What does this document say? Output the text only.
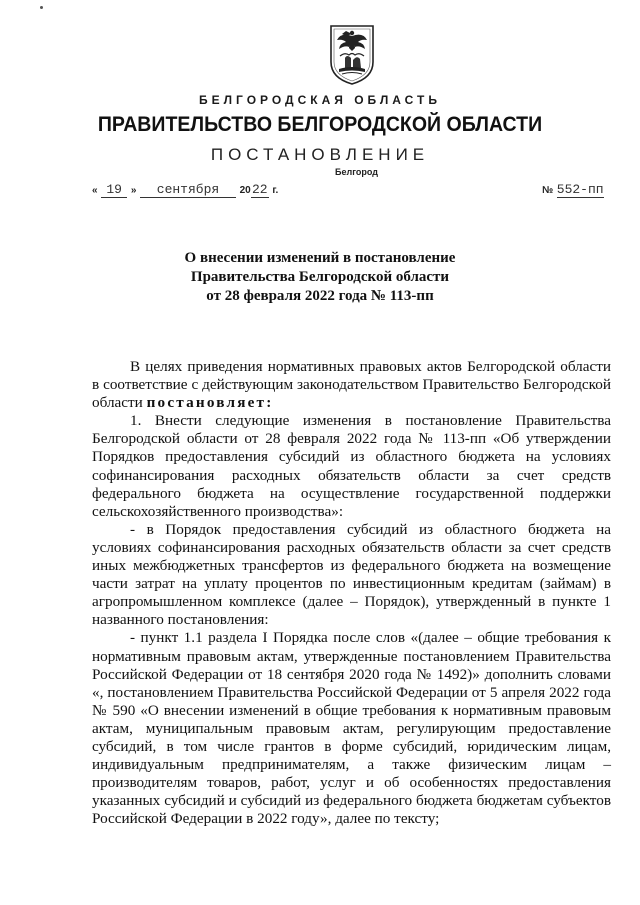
БЕЛГОРОДСКАЯ ОБЛАСТЬ
ПРАВИТЕЛЬСТВО БЕЛГОРОДСКОЙ ОБЛАСТИ
ПОСТАНОВЛЕНИЕ
Белгород
« 19 » сентября 2022 г.	№ 552-пп
О внесении изменений в постановление
Правительства Белгородской области
от 28 февраля 2022 года № 113-пп

В целях приведения нормативных правовых актов Белгородской области в соответствие с действующим законодательством Правительство Белгородской области постановляет:

1. Внести следующие изменения в постановление Правительства Белгородской области от 28 февраля 2022 года № 113-пп «Об утверждении Порядков предоставления субсидий из областного бюджета на условиях софинансирования расходных обязательств области за счет средств федерального бюджета на осуществление государственной поддержки сельскохозяйственного производства»:

- в Порядок предоставления субсидий из областного бюджета на условиях софинансирования расходных обязательств области за счет средств иных межбюджетных трансфертов из федерального бюджета на возмещение части затрат на уплату процентов по инвестиционным кредитам (займам) в агропромышленном комплексе (далее – Порядок), утвержденный в пункте 1 названного постановления:

- пункт 1.1 раздела I Порядка после слов «(далее – общие требования к нормативным правовым актам, утвержденные постановлением Правительства Российской Федерации от 18 сентября 2020 года № 1492)» дополнить словами «, постановлением Правительства Российской Федерации от 5 апреля 2022 года № 590 «О внесении изменений в общие требования к нормативным правовым актам, муниципальным правовым актам, регулирующим предоставление субсидий, в том числе грантов в форме субсидий, юридическим лицам, индивидуальным предпринимателям, а также физическим лицам – производителям товаров, работ, услуг и об особенностях предоставления указанных субсидий и субсидий из федерального бюджета бюджетам субъектов Российской Федерации в 2022 году», далее по тексту;
